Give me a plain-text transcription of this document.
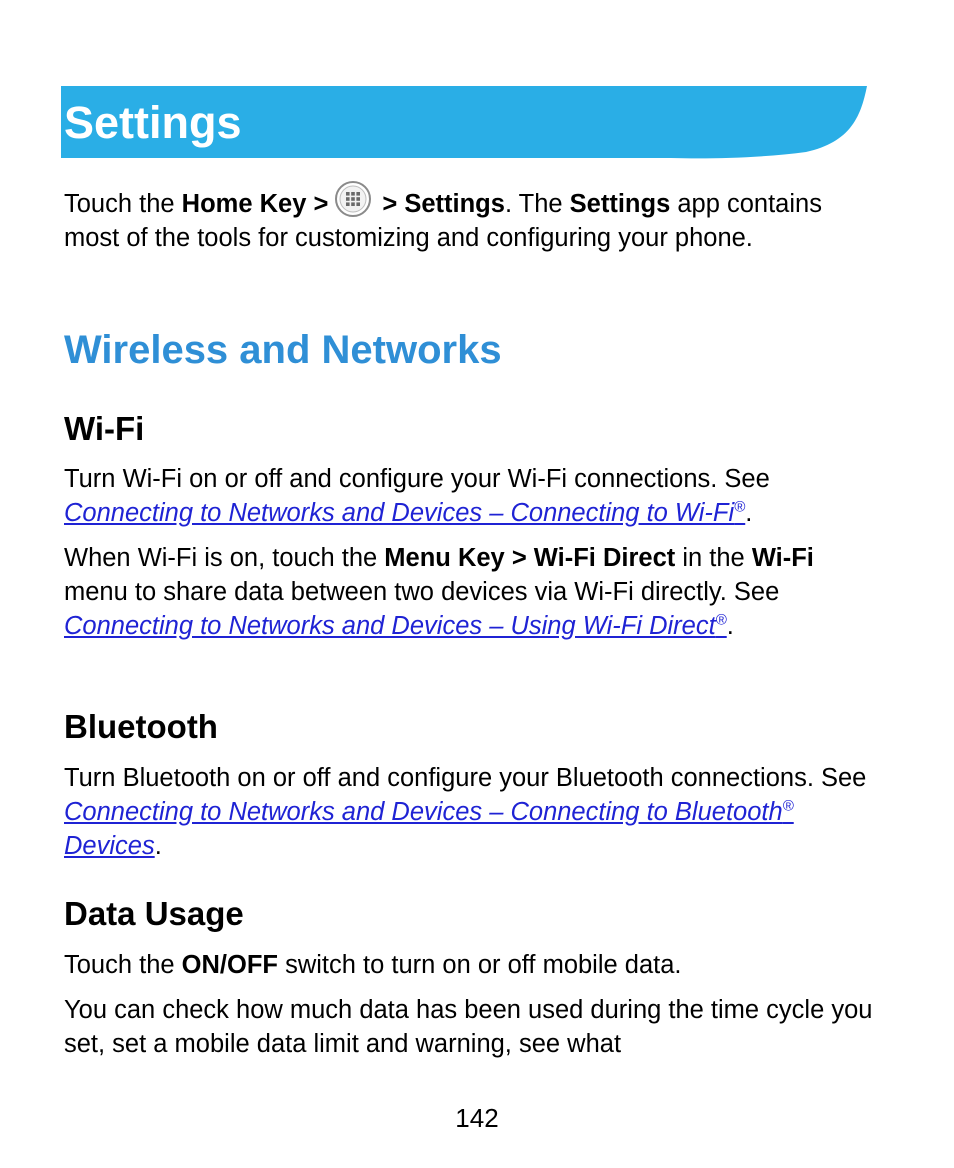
Settings

Touch the Home Key > > Settings. The Settings app contains most of the tools for customizing and configuring your phone.

Wireless and Networks
Wi-Fi

Turn Wi-Fi on or off and configure your Wi-Fi connections. See Connecting to Networks and Devices – Connecting to Wi-Fi®.

When Wi-Fi is on, touch the Menu Key > Wi-Fi Direct in the Wi-Fi menu to share data between two devices via Wi-Fi directly. See Connecting to Networks and Devices – Using Wi-Fi Direct®.

Bluetooth

Turn Bluetooth on or off and configure your Bluetooth connections. See Connecting to Networks and Devices – Connecting to Bluetooth® Devices.

Data Usage

Touch the ON/OFF switch to turn on or off mobile data.

You can check how much data has been used during the time cycle you set, set a mobile data limit and warning, see what

142
